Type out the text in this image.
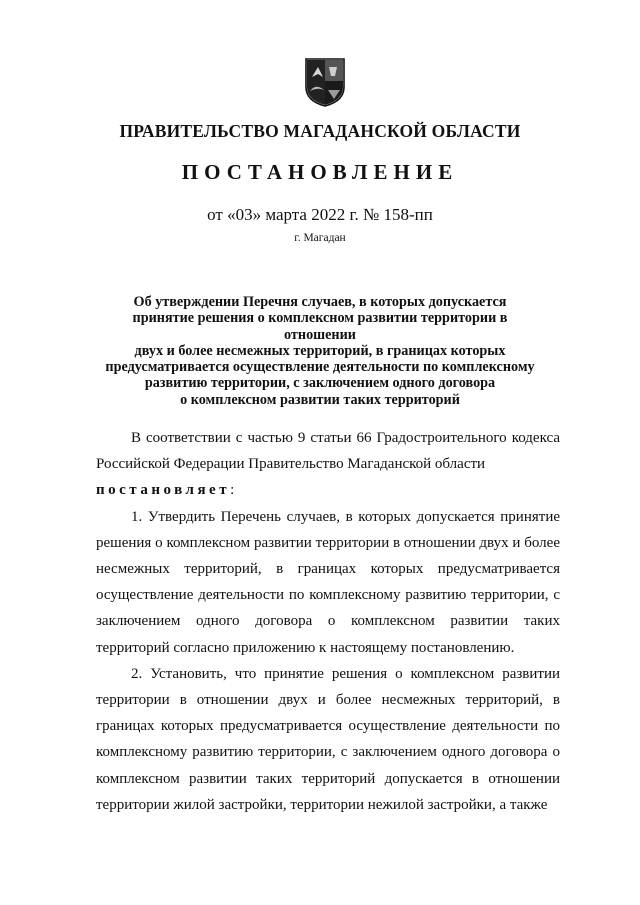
ПРАВИТЕЛЬСТВО МАГАДАНСКОЙ ОБЛАСТИ
ПОСТАНОВЛЕНИЕ
от «03» марта 2022 г. № 158-пп
г. Магадан
Об утверждении Перечня случаев, в которых допускается
принятие решения о комплексном развитии территории в отношении
двух и более несмежных территорий, в границах которых
предусматривается осуществление деятельности по комплексному
развитию территории, с заключением одного договора
о комплексном развитии таких территорий

В соответствии с частью 9 статьи 66 Градостроительного кодекса Российской Федерации Правительство Магаданской области

постановляет:

1. Утвердить Перечень случаев, в которых допускается принятие решения о комплексном развитии территории в отношении двух и более несмежных территорий, в границах которых предусматривается осуществление деятельности по комплексному развитию территории, с заключением одного договора о комплексном развитии таких территорий согласно приложению к настоящему постановлению.

2. Установить, что принятие решения о комплексном развитии территории в отношении двух и более несмежных территорий, в границах которых предусматривается осуществление деятельности по комплексному развитию территории, с заключением одного договора о комплексном развитии таких территорий допускается в отношении территории жилой застройки, территории нежилой застройки, а также
